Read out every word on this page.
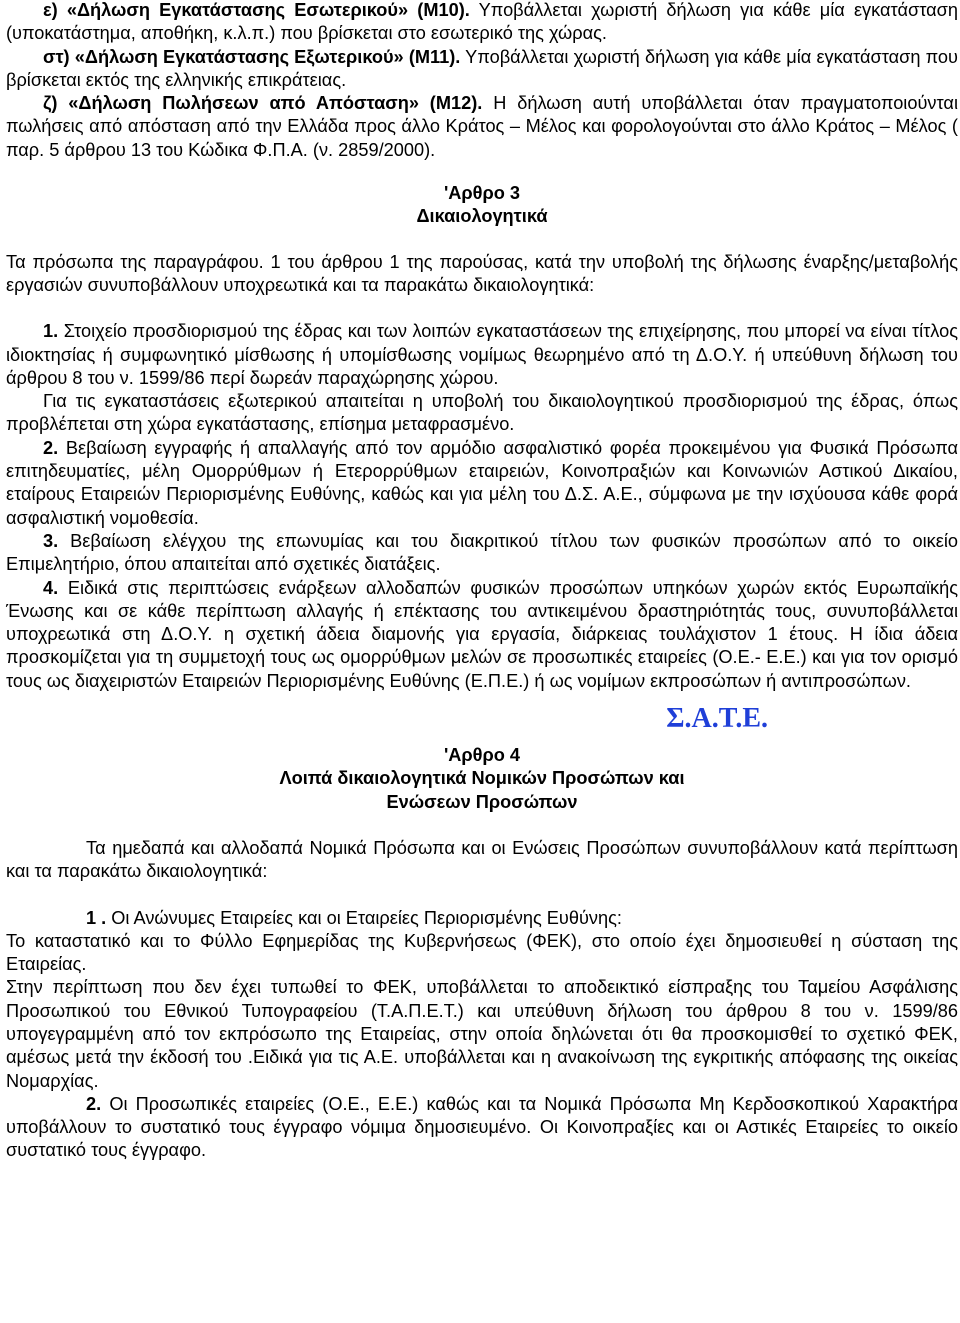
ε) «Δήλωση Εγκατάστασης Εσωτερικού» (Μ10). Υποβάλλεται χωριστή δήλωση για κάθε μία εγκατάσταση (υποκατάστημα, αποθήκη, κ.λ.π.) που βρίσκεται στο εσωτερικό της χώρας.

στ) «Δήλωση Εγκατάστασης Εξωτερικού» (Μ11). Υποβάλλεται χωριστή δήλωση για κάθε μία εγκατάσταση που βρίσκεται εκτός της ελληνικής επικράτειας.

ζ) «Δήλωση Πωλήσεων από Απόσταση» (Μ12). Η δήλωση αυτή υποβάλλεται όταν πραγματοποιούνται πωλήσεις από απόσταση από την Ελλάδα προς άλλο Κράτος – Μέλος και φορολογούνται στο άλλο Κράτος – Μέλος ( παρ. 5 άρθρου 13 του Κώδικα Φ.Π.Α. (ν. 2859/2000).

'Αρθρο 3

Δικαιολογητικά

Τα πρόσωπα της παραγράφου. 1 του άρθρου 1 της παρούσας, κατά την υποβολή της δήλωσης έναρξης/μεταβολής εργασιών συνυποβάλλουν υποχρεωτικά και τα παρακάτω δικαιολογητικά:

1. Στοιχείο προσδιορισμού της έδρας και των λοιπών εγκαταστάσεων της επιχείρησης, που μπορεί να είναι τίτλος ιδιοκτησίας ή συμφωνητικό μίσθωσης ή υπομίσθωσης νομίμως θεωρημένο από τη Δ.Ο.Υ. ή υπεύθυνη δήλωση του άρθρου 8 του ν. 1599/86 περί δωρεάν παραχώρησης χώρου.

Για τις εγκαταστάσεις εξωτερικού απαιτείται η υποβολή του δικαιολογητικού προσδιορισμού της έδρας, όπως προβλέπεται στη χώρα εγκατάστασης, επίσημα μεταφρασμένο.

2. Βεβαίωση εγγραφής ή απαλλαγής από τον αρμόδιο ασφαλιστικό φορέα προκειμένου για Φυσικά Πρόσωπα επιτηδευματίες, μέλη Ομορρύθμων ή Ετερορρύθμων εταιρειών, Κοινοπραξιών και Κοινωνιών Αστικού Δικαίου, εταίρους Εταιρειών Περιορισμένης Ευθύνης, καθώς και για μέλη του Δ.Σ. Α.Ε., σύμφωνα με την ισχύουσα κάθε φορά ασφαλιστική νομοθεσία.

3. Βεβαίωση ελέγχου της επωνυμίας και του διακριτικού τίτλου των φυσικών προσώπων από το οικείο Επιμελητήριο, όπου απαιτείται από σχετικές διατάξεις.

4. Ειδικά στις περιπτώσεις ενάρξεων αλλοδαπών φυσικών προσώπων υπηκόων χωρών εκτός Ευρωπαϊκής Ένωσης και σε κάθε περίπτωση αλλαγής ή επέκτασης του αντικειμένου δραστηριότητάς τους, συνυποβάλλεται υποχρεωτικά στη Δ.Ο.Υ. η σχετική άδεια διαμονής για εργασία, διάρκειας τουλάχιστον 1 έτους. Η ίδια άδεια προσκομίζεται για τη συμμετοχή τους ως ομορρύθμων μελών σε προσωπικές εταιρείες (Ο.Ε.- Ε.Ε.) και για τον ορισμό τους ως διαχειριστών Εταιρειών Περιορισμένης Ευθύνης (Ε.Π.Ε.) ή ως νομίμων εκπροσώπων ή αντιπροσώπων.

Σ.Α.Τ.Ε.

'Αρθρο 4

Λοιπά δικαιολογητικά Νομικών Προσώπων και

Ενώσεων Προσώπων

Τα ημεδαπά και αλλοδαπά Νομικά Πρόσωπα και οι Ενώσεις Προσώπων συνυποβάλλουν κατά περίπτωση και τα παρακάτω δικαιολογητικά:

1 . Οι Ανώνυμες Εταιρείες και οι Εταιρείες Περιορισμένης Ευθύνης:

Το καταστατικό και το Φύλλο Εφημερίδας της Κυβερνήσεως (ΦΕΚ), στο οποίο έχει δημοσιευθεί η σύσταση της Εταιρείας.

Στην περίπτωση που δεν έχει τυπωθεί το ΦΕΚ, υποβάλλεται το αποδεικτικό είσπραξης του Ταμείου Ασφάλισης Προσωπικού του Εθνικού Τυπογραφείου (Τ.Α.Π.Ε.Τ.) και υπεύθυνη δήλωση του άρθρου 8 του ν. 1599/86 υπογεγραμμένη από τον εκπρόσωπο της Εταιρείας, στην οποία δηλώνεται ότι θα προσκομισθεί το σχετικό ΦΕΚ, αμέσως μετά την έκδοσή του .Ειδικά για τις Α.Ε. υποβάλλεται και η ανακοίνωση της εγκριτικής απόφασης της οικείας Νομαρχίας.

2. Οι Προσωπικές εταιρείες (Ο.Ε., Ε.Ε.) καθώς και τα Νομικά Πρόσωπα Μη Κερδοσκοπικού Χαρακτήρα υποβάλλουν το συστατικό τους έγγραφο νόμιμα δημοσιευμένο. Οι Κοινοπραξίες και οι Αστικές Εταιρείες το οικείο συστατικό τους έγγραφο.
